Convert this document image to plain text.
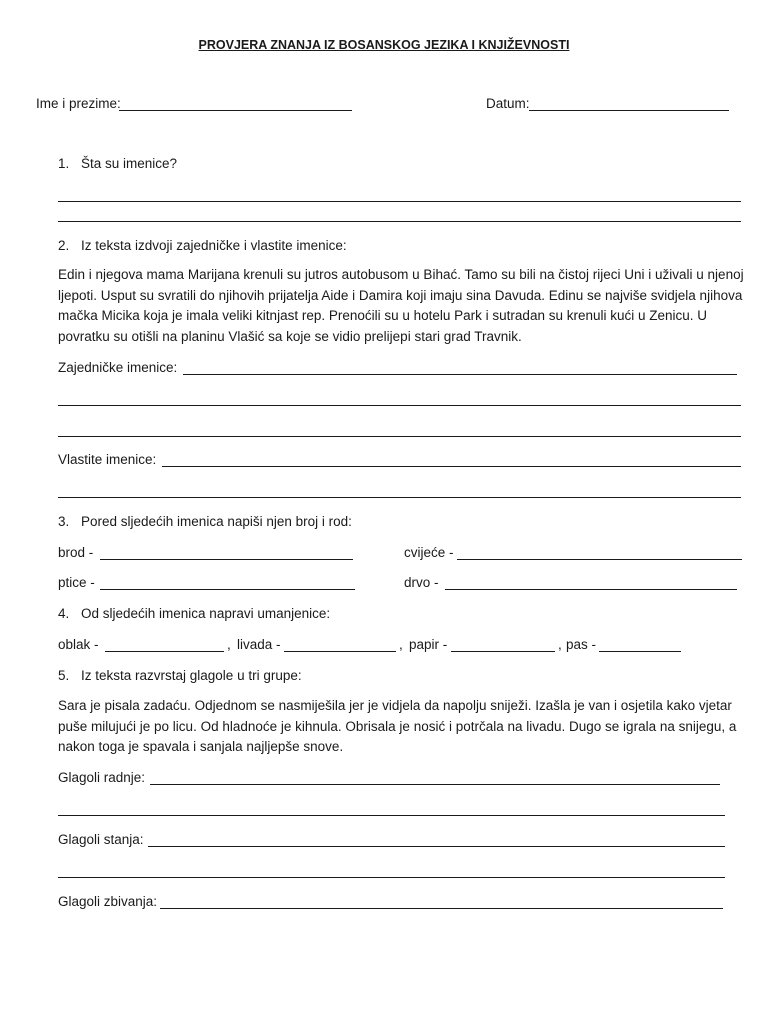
PROVJERA ZNANJA IZ BOSANSKOG JEZIKA I KNJIŽEVNOSTI
Ime i prezime:	Datum:
1. Šta su imenice?
2. Iz teksta izdvoji zajedničke i vlastite imenice:
Edin i njegova mama Marijana krenuli su jutros autobusom u Bihać. Tamo su bili na čistoj rijeci Uni i uživali u njenoj ljepoti. Usput su svratili do njihovih prijatelja Aide i Damira koji imaju sina Davuda. Edinu se najviše svidjela njihova mačka Micika koja je imala veliki kitnjast rep. Prenoćili su u hotelu Park i sutradan su krenuli kući u Zenicu. U povratku su otišli na planinu Vlašić sa koje se vidio prelijepi stari grad Travnik.
Zajedničke imenice:
Vlastite imenice:
3. Pored sljedećih imenica napiši njen broj i rod:
brod -	cvijeće -
ptice -	drvo -
4. Od sljedećih imenica napravi umanjenice:
oblak -	, livada -	, papir -	, pas -
5. Iz teksta razvrstaj glagole u tri grupe:
Sara je pisala zadaću. Odjednom se nasmiješila jer je vidjela da napolju sniježi. Izašla je van i osjetila kako vjetar puše milujući je po licu. Od hladnoće je kihnula. Obrisala je nosić i potrčala na livadu. Dugo se igrala na snijegu, a nakon toga je spavala i sanjala najljepše snove.
Glagoli radnje:
Glagoli stanja:
Glagoli zbivanja:
